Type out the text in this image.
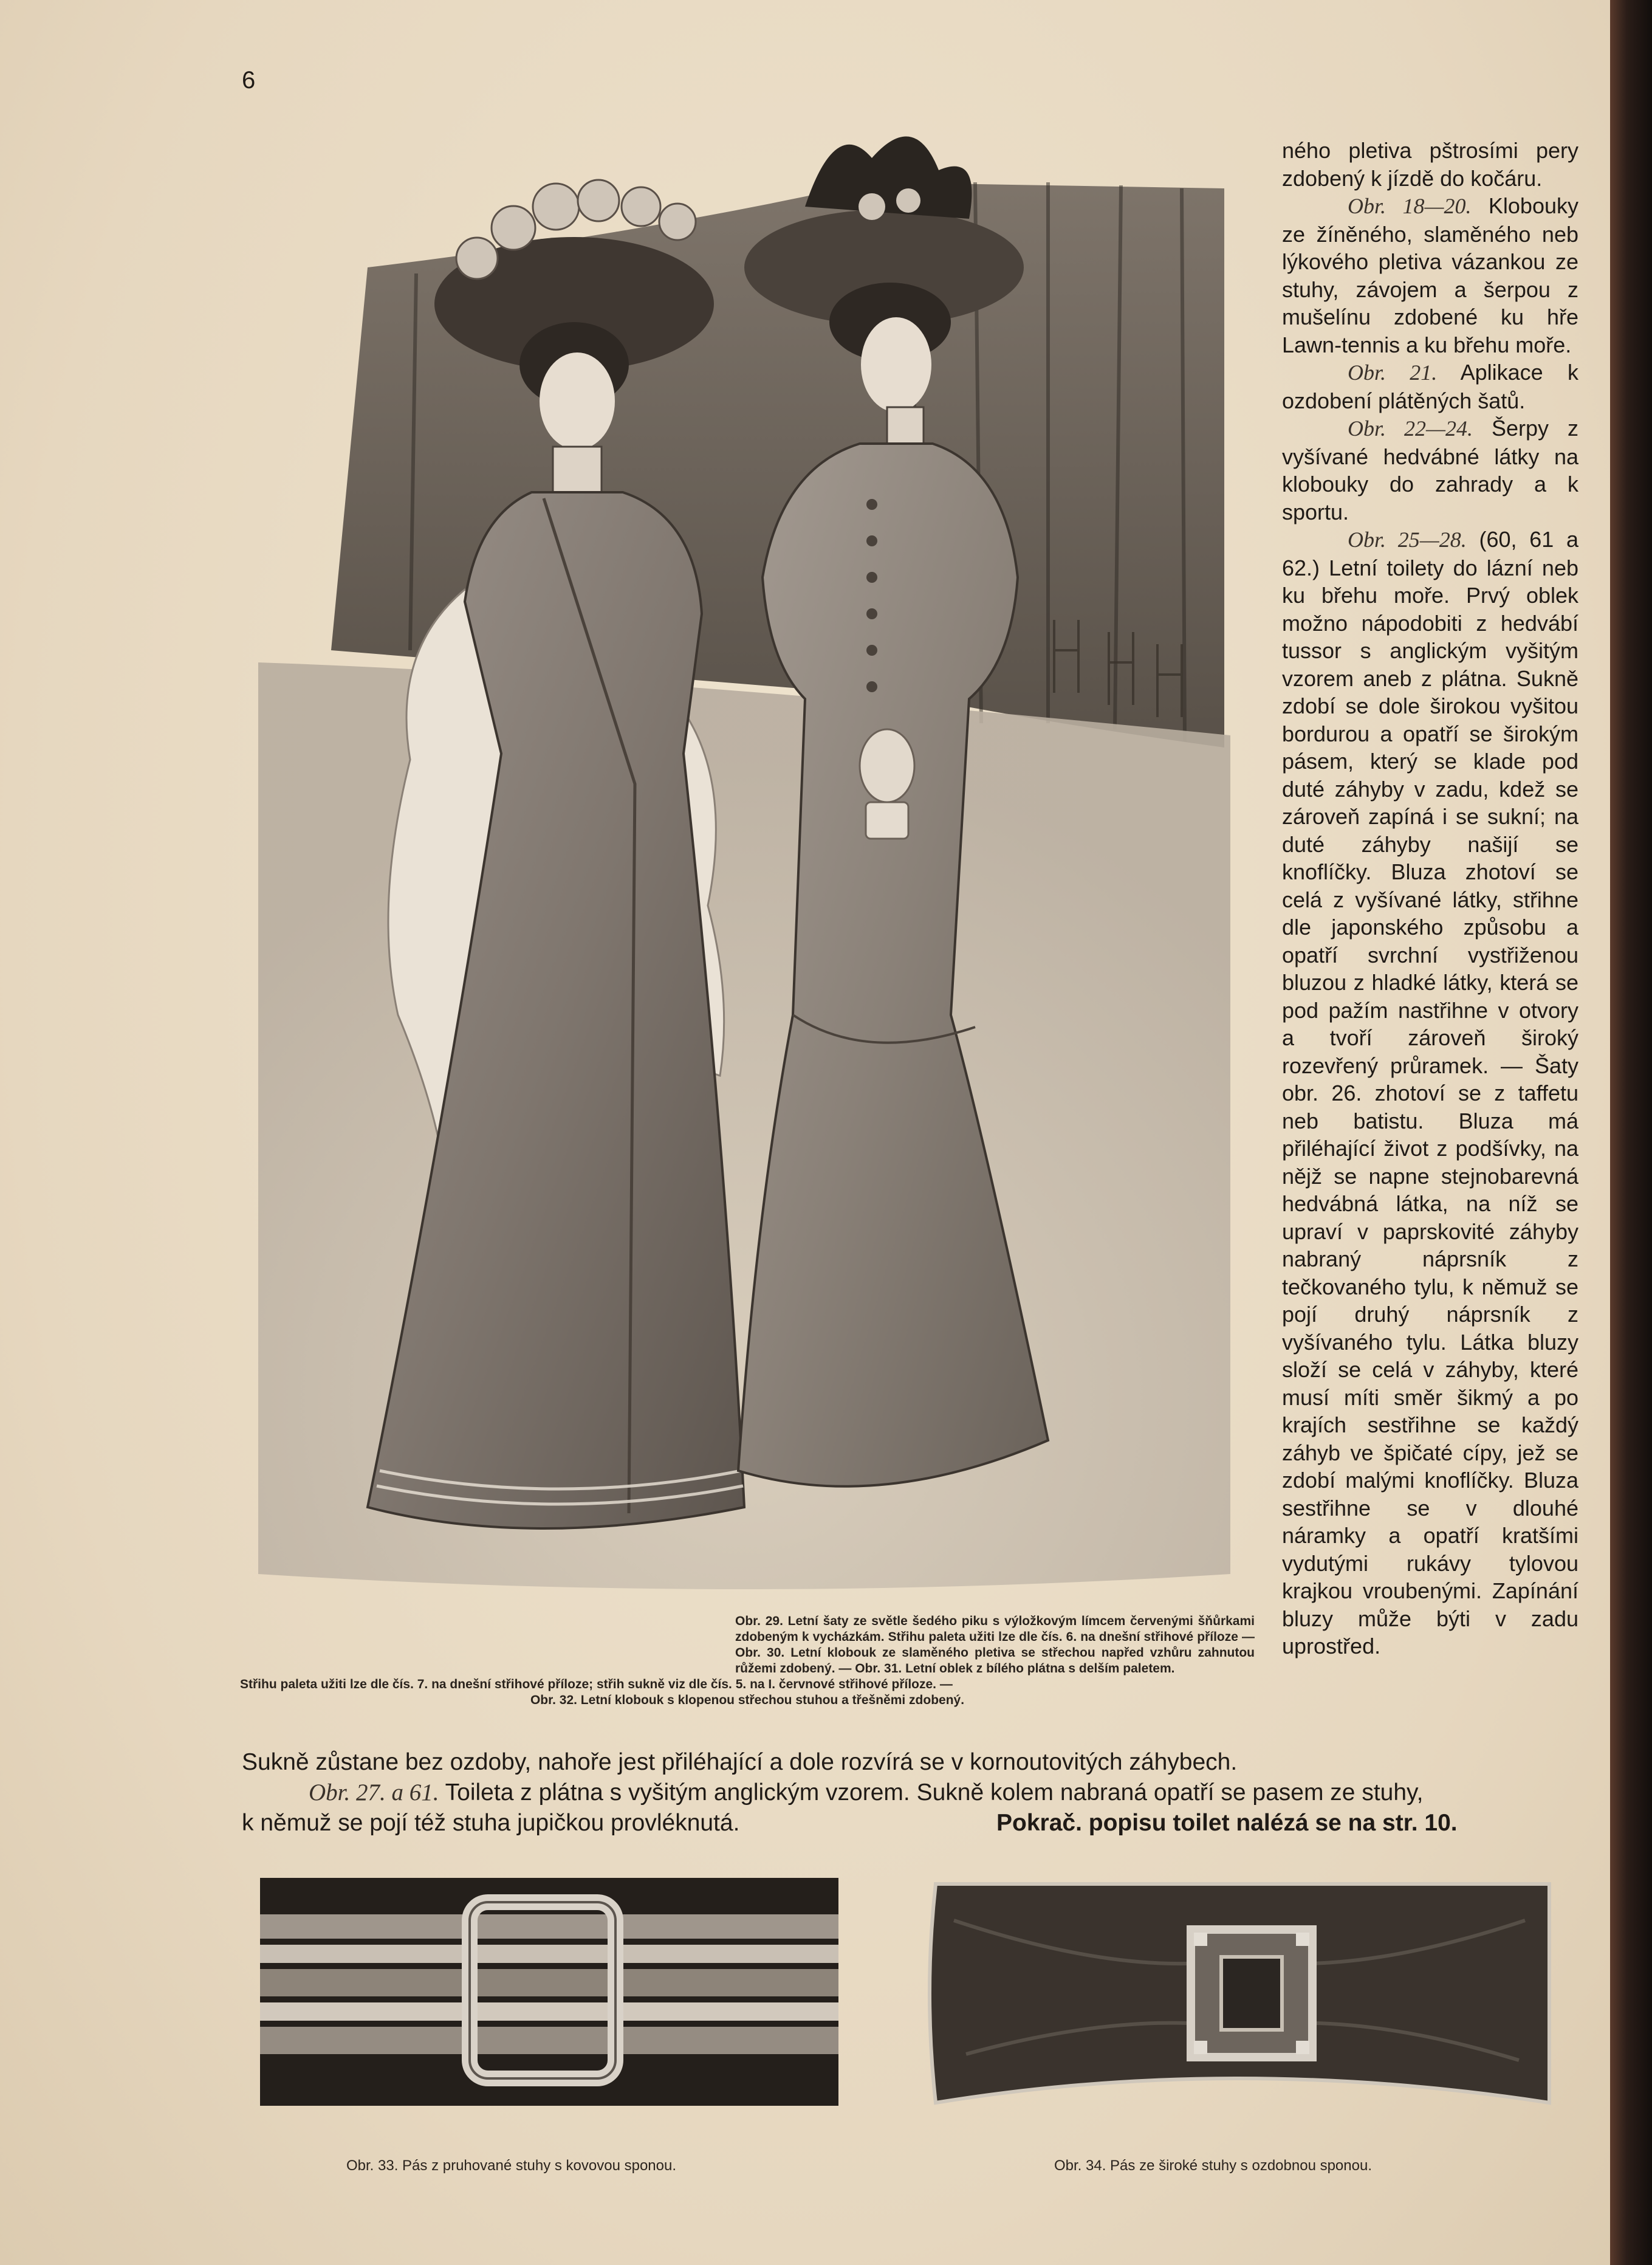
6
Obr. 29. Letní šaty ze světle šedého piku s výložkovým límcem červenými šňůrkami zdobeným k vycházkám. Střihu paleta užiti lze dle čís. 6. na dnešní střihové příloze — Obr. 30. Letní klobouk ze slaměného pletiva se střechou napřed vzhůru zahnutou růžemi zdobený. — Obr. 31. Letní oblek z bílého plátna s delším paletem.
Střihu paleta užiti lze dle čís. 7. na dnešní střihové příloze; střih sukně viz dle čís. 5. na I. červnové střihové příloze. —
Obr. 32. Letní klobouk s klopenou střechou stuhou a třešněmi zdobený.

ného pletiva pštrosími pery zdobený k jízdě do kočáru.

Obr. 18—20. Klobouky ze žíněného, slaměného neb lýkového pletiva vázankou ze stuhy, závojem a šerpou z mušelínu zdobené ku hře Lawn-tennis a ku břehu moře.

Obr. 21. Aplikace k ozdobení plátěných šatů.

Obr. 22—24. Šerpy z vyšívané hedvábné látky na klobouky do zahrady a k sportu.

Obr. 25—28. (60, 61 a 62.) Letní toilety do lázní neb ku břehu moře. Prvý oblek možno nápodobiti z hedvábí tussor s anglickým vyšitým vzorem aneb z plátna. Sukně zdobí se dole širokou vyšitou bordurou a opatří se širokým pásem, který se klade pod duté záhyby v zadu, kdež se zároveň zapíná i se sukní; na duté záhyby našijí se knoflíčky. Bluza zhotoví se celá z vyšívané látky, střihne dle japonského způsobu a opatří svrchní vystřiženou bluzou z hladké látky, která se pod pažím nastřihne v otvory a tvoří zároveň široký rozevřený průramek. — Šaty obr. 26. zhotoví se z taffetu neb batistu. Bluza má přiléhající život z podšívky, na nějž se napne stejnobarevná hedvábná látka, na níž se upraví v paprskovité záhyby nabraný náprsník z tečkovaného tylu, k němuž se pojí druhý náprsník z vyšívaného tylu. Látka bluzy složí se celá v záhyby, které musí míti směr šikmý a po krajích sestřihne se každý záhyb ve špičaté cípy, jež se zdobí malými knoflíčky. Bluza sestřihne se v dlouhé náramky a opatří kratšími vydutými rukávy tylovou krajkou vroubenými. Zapínání bluzy může býti v zadu uprostřed.

Sukně zůstane bez ozdoby, nahoře jest přiléhající a dole rozvírá se v kornoutovitých záhybech.
Obr. 27. a 61. Toileta z plátna s vyšitým anglickým vzorem. Sukně kolem nabraná opatří se pasem ze stuhy,
k němuž se pojí též stuha jupičkou provléknutá.	Pokrač. popisu toilet nalézá se na str. 10.
Obr. 33. Pás z pruhované stuhy s kovovou sponou.	Obr. 34. Pás ze široké stuhy s ozdobnou sponou.
